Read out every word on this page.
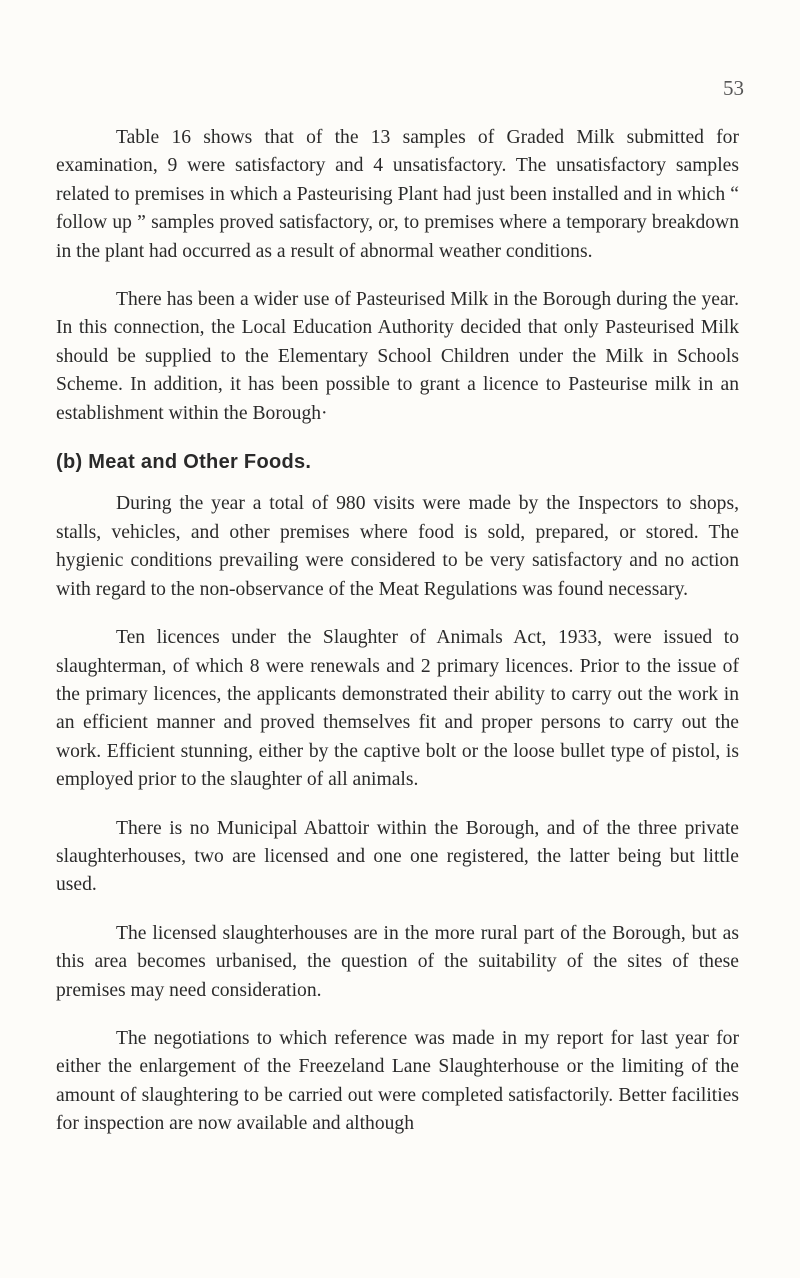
53

Table 16 shows that of the 13 samples of Graded Milk submitted for examination, 9 were satisfactory and 4 unsatisfactory. The unsatisfactory samples related to premises in which a Pasteurising Plant had just been installed and in which “ follow up ” samples proved satisfactory, or, to premises where a temporary breakdown in the plant had occurred as a result of abnormal weather conditions.

There has been a wider use of Pasteurised Milk in the Borough during the year. In this connection, the Local Education Authority decided that only Pasteurised Milk should be supplied to the Elementary School Children under the Milk in Schools Scheme. In addition, it has been possible to grant a licence to Pasteurise milk in an establishment within the Borough·

(b) Meat and Other Foods.

During the year a total of 980 visits were made by the Inspectors to shops, stalls, vehicles, and other premises where food is sold, prepared, or stored. The hygienic conditions prevailing were considered to be very satisfactory and no action with regard to the non-observance of the Meat Regulations was found necessary.

Ten licences under the Slaughter of Animals Act, 1933, were issued to slaughterman, of which 8 were renewals and 2 primary licences. Prior to the issue of the primary licences, the applicants demonstrated their ability to carry out the work in an efficient manner and proved themselves fit and proper persons to carry out the work. Efficient stunning, either by the captive bolt or the loose bullet type of pistol, is employed prior to the slaughter of all animals.

There is no Municipal Abattoir within the Borough, and of the three private slaughterhouses, two are licensed and one one registered, the latter being but little used.

The licensed slaughterhouses are in the more rural part of the Borough, but as this area becomes urbanised, the question of the suitability of the sites of these premises may need consideration.

The negotiations to which reference was made in my report for last year for either the enlargement of the Freezeland Lane Slaughterhouse or the limiting of the amount of slaughtering to be carried out were completed satisfactorily. Better facilities for inspection are now available and although
